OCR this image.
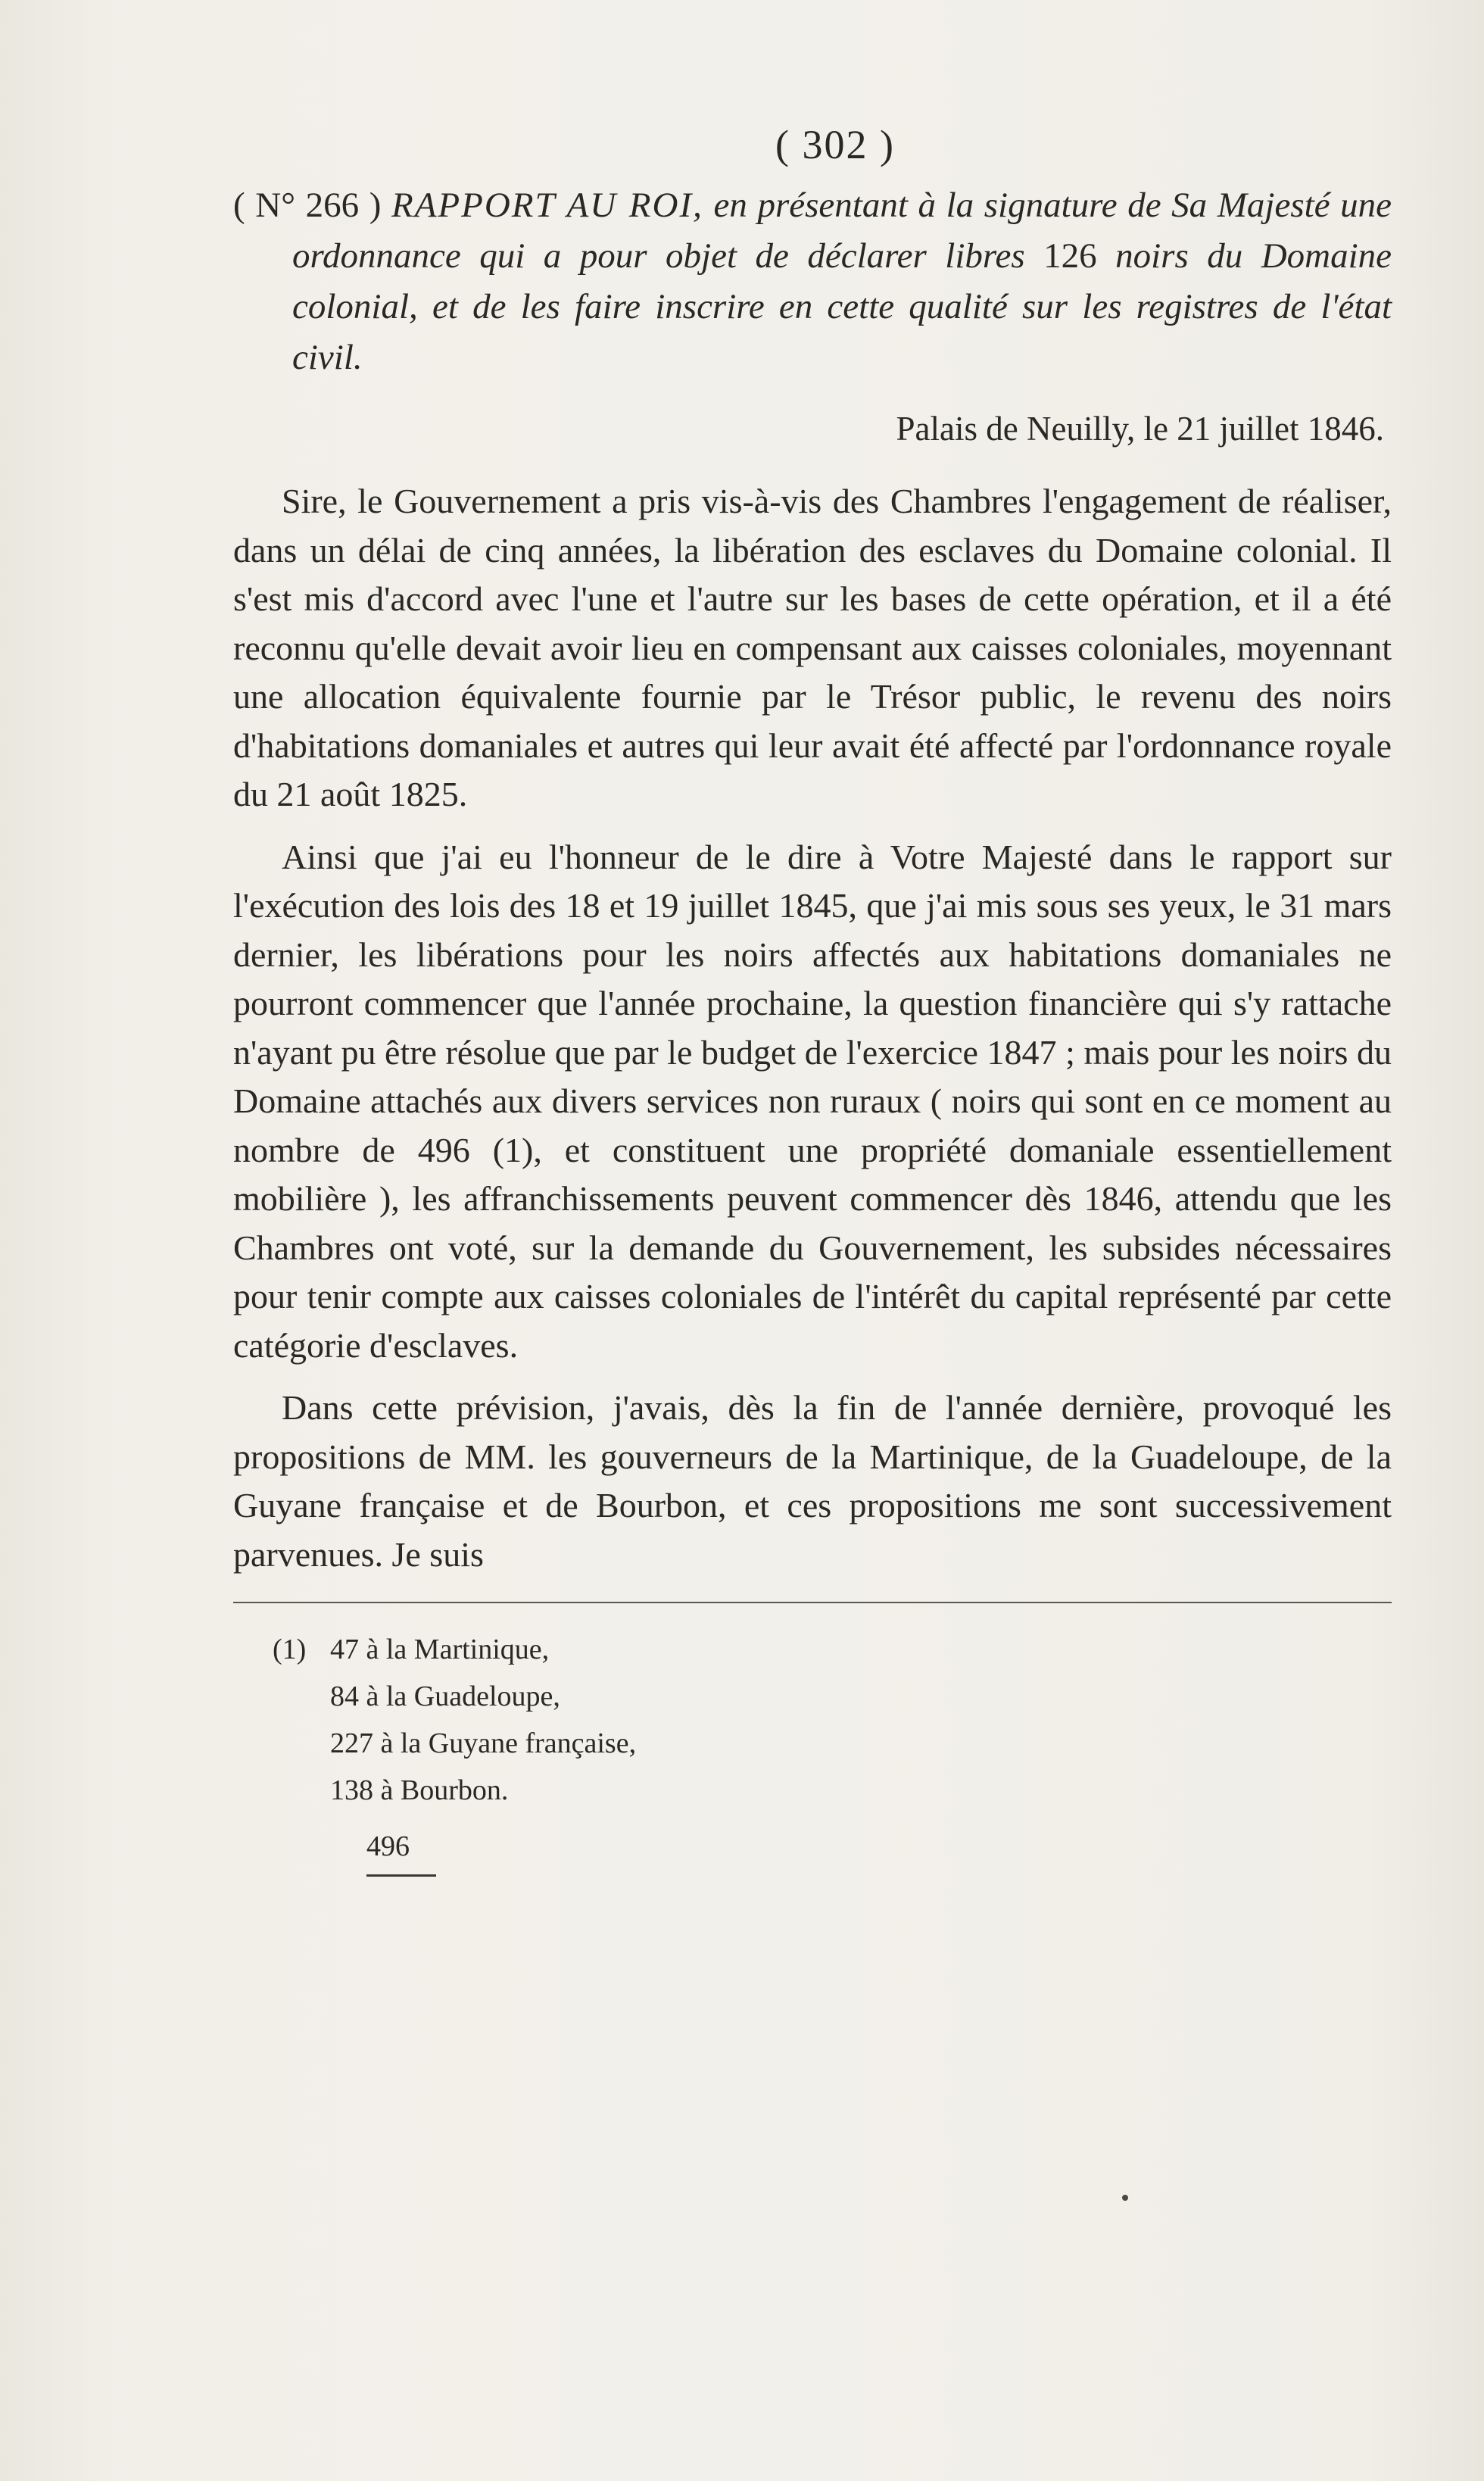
( 302 )

( N° 266 ) RAPPORT AU ROI, en présentant à la signature de Sa Majesté une ordonnance qui a pour objet de déclarer libres 126 noirs du Domaine colonial, et de les faire inscrire en cette qualité sur les registres de l'état civil.

Palais de Neuilly, le 21 juillet 1846.

Sire, le Gouvernement a pris vis-à-vis des Chambres l'engagement de réaliser, dans un délai de cinq années, la libération des esclaves du Domaine colonial. Il s'est mis d'accord avec l'une et l'autre sur les bases de cette opération, et il a été reconnu qu'elle devait avoir lieu en compensant aux caisses coloniales, moyennant une allocation équivalente fournie par le Trésor public, le revenu des noirs d'habitations domaniales et autres qui leur avait été affecté par l'ordonnance royale du 21 août 1825.

Ainsi que j'ai eu l'honneur de le dire à Votre Majesté dans le rapport sur l'exécution des lois des 18 et 19 juillet 1845, que j'ai mis sous ses yeux, le 31 mars dernier, les libérations pour les noirs affectés aux habitations domaniales ne pourront commencer que l'année prochaine, la question financière qui s'y rattache n'ayant pu être résolue que par le budget de l'exercice 1847 ; mais pour les noirs du Domaine attachés aux divers services non ruraux ( noirs qui sont en ce moment au nombre de 496 (1), et constituent une propriété domaniale essentiellement mobilière ), les affranchissements peuvent commencer dès 1846, attendu que les Chambres ont voté, sur la demande du Gouvernement, les subsides nécessaires pour tenir compte aux caisses coloniales de l'intérêt du capital représenté par cette catégorie d'esclaves.

Dans cette prévision, j'avais, dès la fin de l'année dernière, provoqué les propositions de MM. les gouverneurs de la Martinique, de la Guadeloupe, de la Guyane française et de Bourbon, et ces propositions me sont successivement parvenues. Je suis

(1) 47 à la Martinique,
84 à la Guadeloupe,
227 à la Guyane française,
138 à Bourbon.
496
